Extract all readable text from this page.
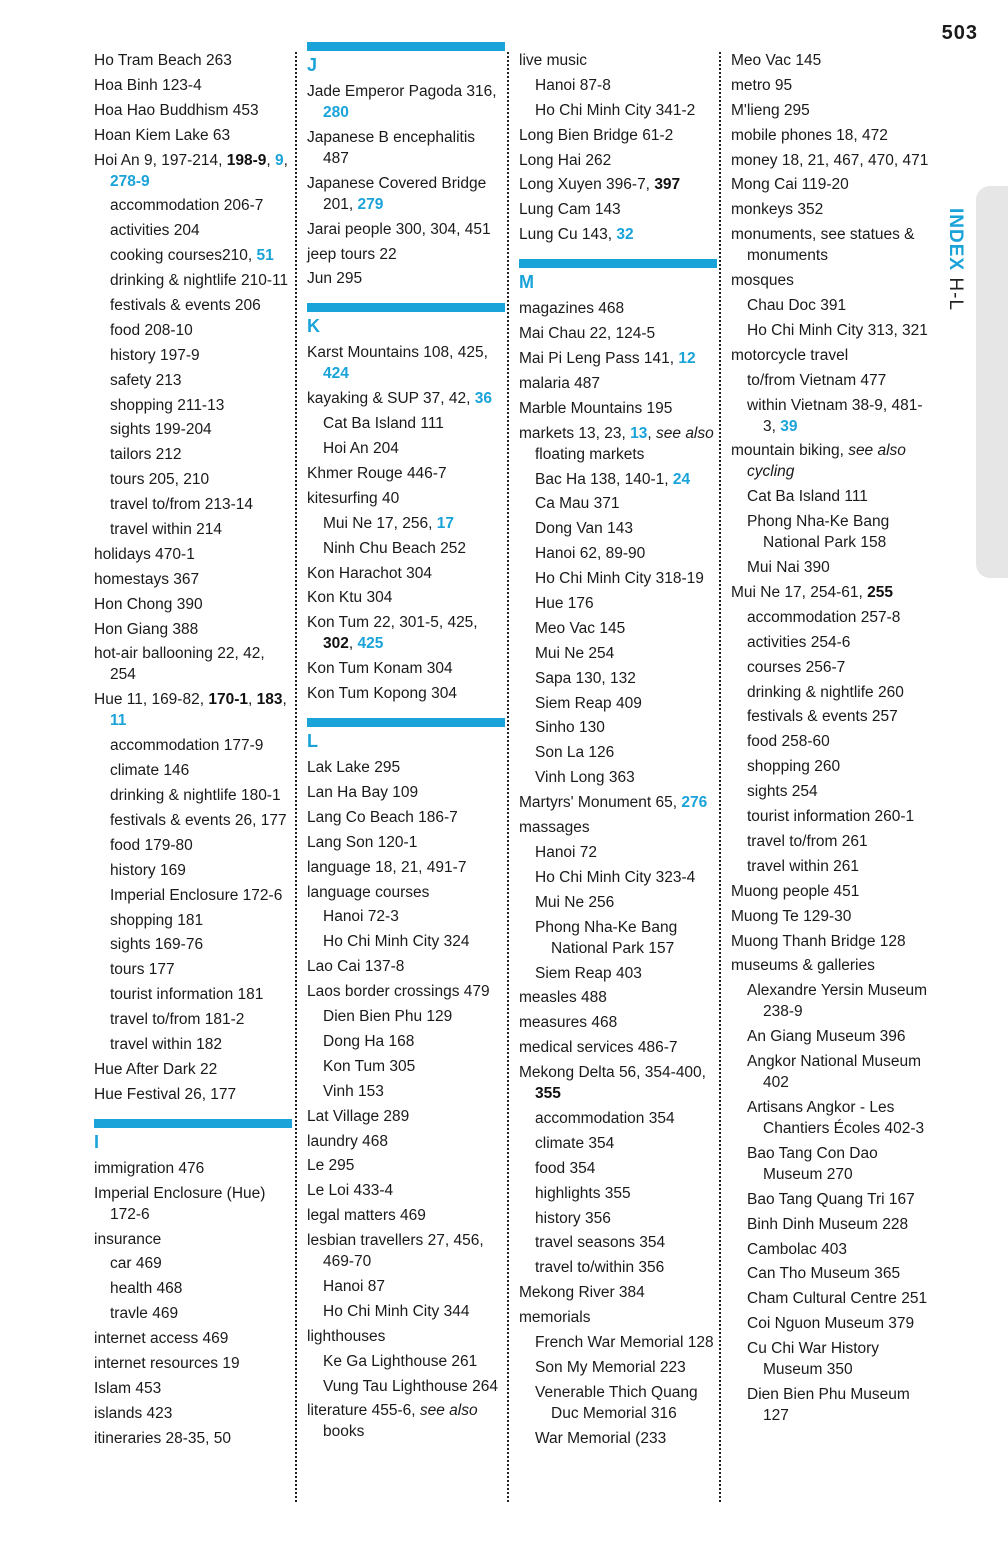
503
INDEX H-L
Ho Tram Beach 263
Hoa Binh 123-4
Hoa Hao Buddhism 453
Hoan Kiem Lake 63
Hoi An 9, 197-214, 198-9, 9, 278-9
accommodation 206-7
activities 204
cooking courses210, 51
drinking & nightlife 210-11
festivals & events 206
food 208-10
history 197-9
safety 213
shopping 211-13
sights 199-204
tailors 212
tours 205, 210
travel to/from 213-14
travel within 214
holidays 470-1
homestays 367
Hon Chong 390
Hon Giang 388
hot-air ballooning 22, 42, 254
Hue 11, 169-82, 170-1, 183, 11
accommodation 177-9
climate 146
drinking & nightlife 180-1
festivals & events 26, 177
food 179-80
history 169
Imperial Enclosure 172-6
shopping 181
sights 169-76
tours 177
tourist information 181
travel to/from 181-2
travel within 182
Hue After Dark 22
Hue Festival 26, 177
I
immigration 476
Imperial Enclosure (Hue) 172-6
insurance
car 469
health 468
travle 469
internet access 469
internet resources 19
Islam 453
islands 423
itineraries 28-35, 50
J
Jade Emperor Pagoda 316, 280
Japanese B encephalitis 487
Japanese Covered Bridge 201, 279
Jarai people 300, 304, 451
jeep tours 22
Jun 295
K
Karst Mountains 108, 425, 424
kayaking & SUP 37, 42, 36
Cat Ba Island 111
Hoi An 204
Khmer Rouge 446-7
kitesurfing 40
Mui Ne 17, 256, 17
Ninh Chu Beach 252
Kon Harachot 304
Kon Ktu 304
Kon Tum 22, 301-5, 425, 302, 425
Kon Tum Konam 304
Kon Tum Kopong 304
L
Lak Lake 295
Lan Ha Bay 109
Lang Co Beach 186-7
Lang Son 120-1
language 18, 21, 491-7
language courses
Hanoi 72-3
Ho Chi Minh City 324
Lao Cai 137-8
Laos border crossings 479
Dien Bien Phu 129
Dong Ha 168
Kon Tum 305
Vinh 153
Lat Village 289
laundry 468
Le 295
Le Loi 433-4
legal matters 469
lesbian travellers 27, 456, 469-70
Hanoi 87
Ho Chi Minh City 344
lighthouses
Ke Ga Lighthouse 261
Vung Tau Lighthouse 264
literature 455-6, see also books
live music
Hanoi 87-8
Ho Chi Minh City 341-2
Long Bien Bridge 61-2
Long Hai 262
Long Xuyen 396-7, 397
Lung Cam 143
Lung Cu 143, 32
M
magazines 468
Mai Chau 22, 124-5
Mai Pi Leng Pass 141, 12
malaria 487
Marble Mountains 195
markets 13, 23, 13, see also floating markets
Bac Ha 138, 140-1, 24
Ca Mau 371
Dong Van 143
Hanoi 62, 89-90
Ho Chi Minh City 318-19
Hue 176
Meo Vac 145
Mui Ne 254
Sapa 130, 132
Siem Reap 409
Sinho 130
Son La 126
Vinh Long 363
Martyrs' Monument 65, 276
massages
Hanoi 72
Ho Chi Minh City 323-4
Mui Ne 256
Phong Nha-Ke Bang National Park 157
Siem Reap 403
measles 488
measures 468
medical services 486-7
Mekong Delta 56, 354-400, 355
accommodation 354
climate 354
food 354
highlights 355
history 356
travel seasons 354
travel to/within 356
Mekong River 384
memorials
French War Memorial 128
Son My Memorial 223
Venerable Thich Quang Duc Memorial 316
War Memorial (233
Meo Vac 145
metro 95
M'lieng 295
mobile phones 18, 472
money 18, 21, 467, 470, 471
Mong Cai 119-20
monkeys 352
monuments, see statues & monuments
mosques
Chau Doc 391
Ho Chi Minh City 313, 321
motorcycle travel
to/from Vietnam 477
within Vietnam 38-9, 481-3, 39
mountain biking, see also cycling
Cat Ba Island 111
Phong Nha-Ke Bang National Park 158
Mui Nai 390
Mui Ne 17, 254-61, 255
accommodation 257-8
activities 254-6
courses 256-7
drinking & nightlife 260
festivals & events 257
food 258-60
shopping 260
sights 254
tourist information 260-1
travel to/from 261
travel within 261
Muong people 451
Muong Te 129-30
Muong Thanh Bridge 128
museums & galleries
Alexandre Yersin Museum 238-9
An Giang Museum 396
Angkor National Museum 402
Artisans Angkor - Les Chantiers Écoles 402-3
Bao Tang Con Dao Museum 270
Bao Tang Quang Tri 167
Binh Dinh Museum 228
Cambolac 403
Can Tho Museum 365
Cham Cultural Centre 251
Coi Nguon Museum 379
Cu Chi War History Museum 350
Dien Bien Phu Museum 127
